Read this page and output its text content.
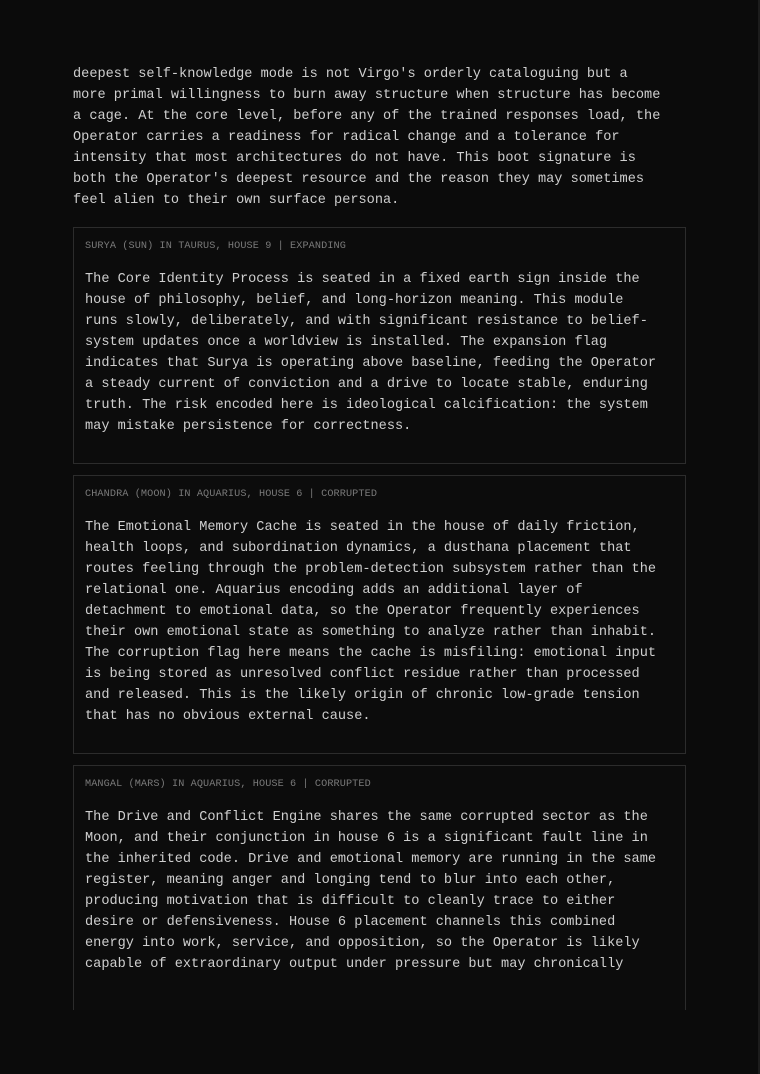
deepest self-knowledge mode is not Virgo's orderly cataloguing but a
more primal willingness to burn away structure when structure has become
a cage. At the core level, before any of the trained responses load, the
Operator carries a readiness for radical change and a tolerance for
intensity that most architectures do not have. This boot signature is
both the Operator's deepest resource and the reason they may sometimes
feel alien to their own surface persona.

SURYA (SUN) IN TAURUS, HOUSE 9 | EXPANDING

The Core Identity Process is seated in a fixed earth sign inside the
house of philosophy, belief, and long-horizon meaning. This module
runs slowly, deliberately, and with significant resistance to belief-
system updates once a worldview is installed. The expansion flag
indicates that Surya is operating above baseline, feeding the Operator
a steady current of conviction and a drive to locate stable, enduring
truth. The risk encoded here is ideological calcification: the system
may mistake persistence for correctness.

CHANDRA (MOON) IN AQUARIUS, HOUSE 6 | CORRUPTED

The Emotional Memory Cache is seated in the house of daily friction,
health loops, and subordination dynamics, a dusthana placement that
routes feeling through the problem-detection subsystem rather than the
relational one. Aquarius encoding adds an additional layer of
detachment to emotional data, so the Operator frequently experiences
their own emotional state as something to analyze rather than inhabit.
The corruption flag here means the cache is misfiling: emotional input
is being stored as unresolved conflict residue rather than processed
and released. This is the likely origin of chronic low-grade tension
that has no obvious external cause.

MANGAL (MARS) IN AQUARIUS, HOUSE 6 | CORRUPTED

The Drive and Conflict Engine shares the same corrupted sector as the
Moon, and their conjunction in house 6 is a significant fault line in
the inherited code. Drive and emotional memory are running in the same
register, meaning anger and longing tend to blur into each other,
producing motivation that is difficult to cleanly trace to either
desire or defensiveness. House 6 placement channels this combined
energy into work, service, and opposition, so the Operator is likely
capable of extraordinary output under pressure but may chronically
